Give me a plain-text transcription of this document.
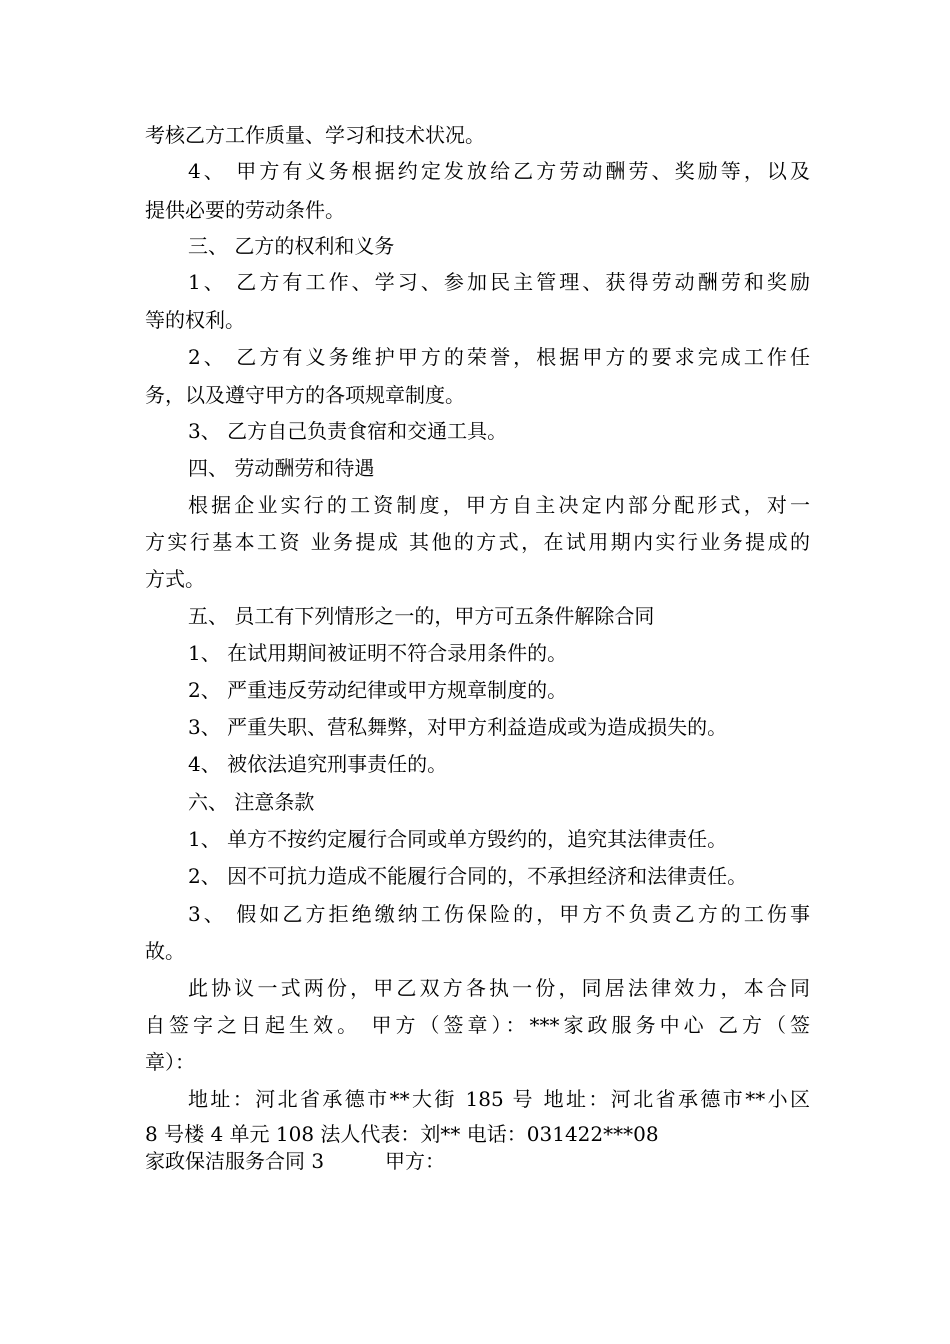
考核乙方工作质量、学习和技术状况。
4、 甲方有义务根据约定发放给乙方劳动酬劳、奖励等，以及
提供必要的劳动条件。
三、 乙方的权利和义务
1、 乙方有工作、学习、参加民主管理、获得劳动酬劳和奖励
等的权利。
2、 乙方有义务维护甲方的荣誉，根据甲方的要求完成工作任
务，以及遵守甲方的各项规章制度。
3、 乙方自己负责食宿和交通工具。
四、 劳动酬劳和待遇
根据企业实行的工资制度，甲方自主决定内部分配形式，对一
方实行基本工资 业务提成 其他的方式，在试用期内实行业务提成的
方式。
五、 员工有下列情形之一的，甲方可五条件解除合同
1、 在试用期间被证明不符合录用条件的。
2、 严重违反劳动纪律或甲方规章制度的。
3、 严重失职、营私舞弊，对甲方利益造成或为造成损失的。
4、 被依法追究刑事责任的。
六、 注意条款
1、 单方不按约定履行合同或单方毁约的，追究其法律责任。
2、 因不可抗力造成不能履行合同的，不承担经济和法律责任。
3、 假如乙方拒绝缴纳工伤保险的，甲方不负责乙方的工伤事
故。
此协议一式两份，甲乙双方各执一份，同居法律效力，本合同
自签字之日起生效。 甲方（签章）：***家政服务中心 乙方（签
章）：
地址：河北省承德市**大街 185 号 地址：河北省承德市**小区
8 号楼 4 单元 108 法人代表：刘** 电话：031422***08
家政保洁服务合同 3	甲方：
